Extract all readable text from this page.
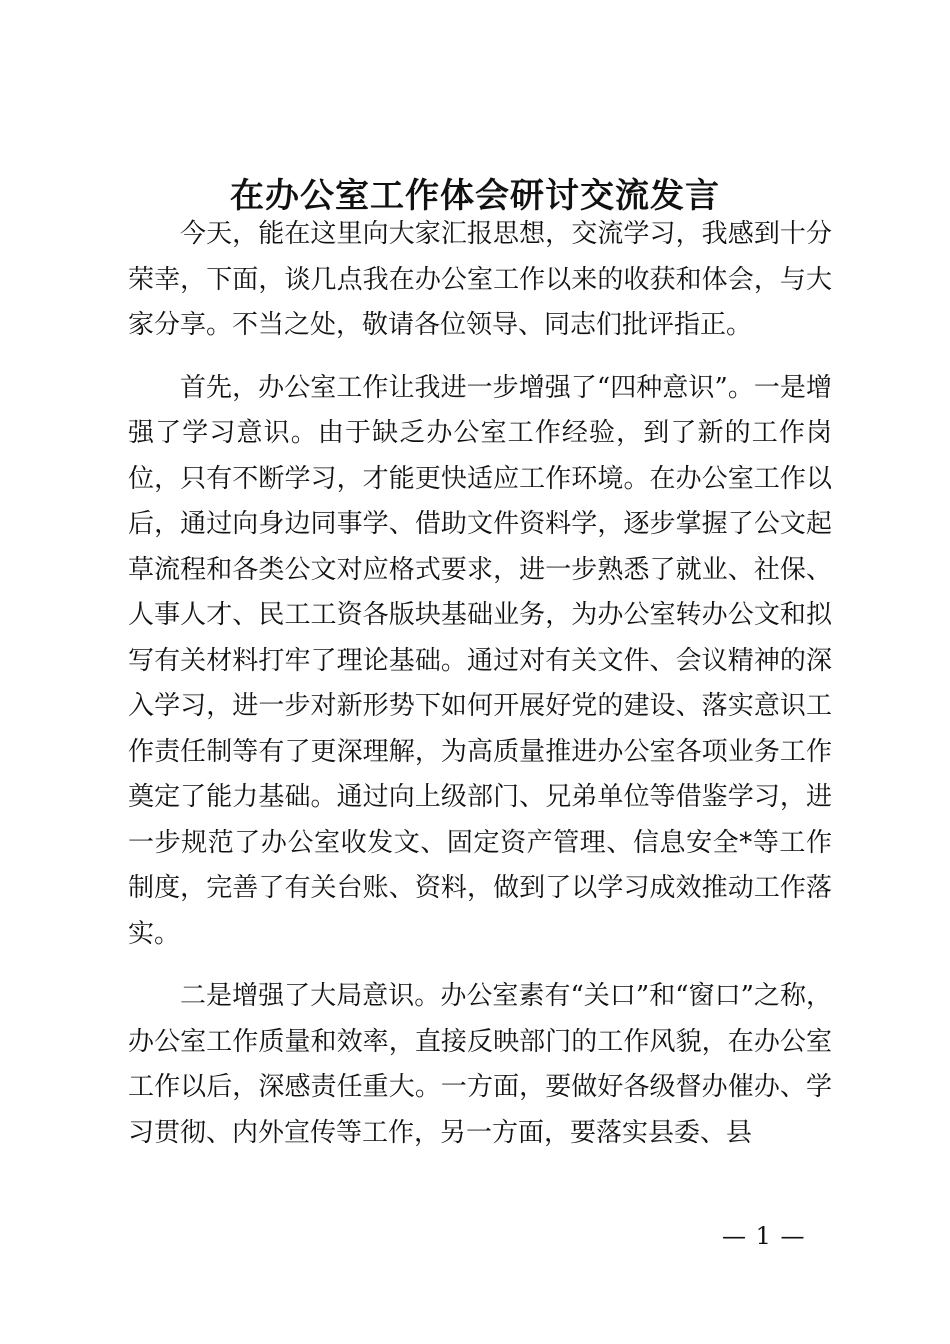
在办公室工作体会研讨交流发言

今天，能在这里向大家汇报思想，交流学习，我感到十分荣幸，下面，谈几点我在办公室工作以来的收获和体会，与大家分享。不当之处，敬请各位领导、同志们批评指正。

首先，办公室工作让我进一步增强了“四种意识”。一是增强了学习意识。由于缺乏办公室工作经验，到了新的工作岗位，只有不断学习，才能更快适应工作环境。在办公室工作以后，通过向身边同事学、借助文件资料学，逐步掌握了公文起草流程和各类公文对应格式要求，进一步熟悉了就业、社保、人事人才、民工工资各版块基础业务，为办公室转办公文和拟写有关材料打牢了理论基础。通过对有关文件、会议精神的深入学习，进一步对新形势下如何开展好党的建设、落实意识工作责任制等有了更深理解，为高质量推进办公室各项业务工作奠定了能力基础。通过向上级部门、兄弟单位等借鉴学习，进一步规范了办公室收发文、固定资产管理、信息安全*等工作制度，完善了有关台账、资料，做到了以学习成效推动工作落实。

二是增强了大局意识。办公室素有“关口”和“窗口”之称，办公室工作质量和效率，直接反映部门的工作风貌，在办公室工作以后，深感责任重大。一方面，要做好各级督办催办、学习贯彻、内外宣传等工作，另一方面，要落实县委、县

— 1 —
